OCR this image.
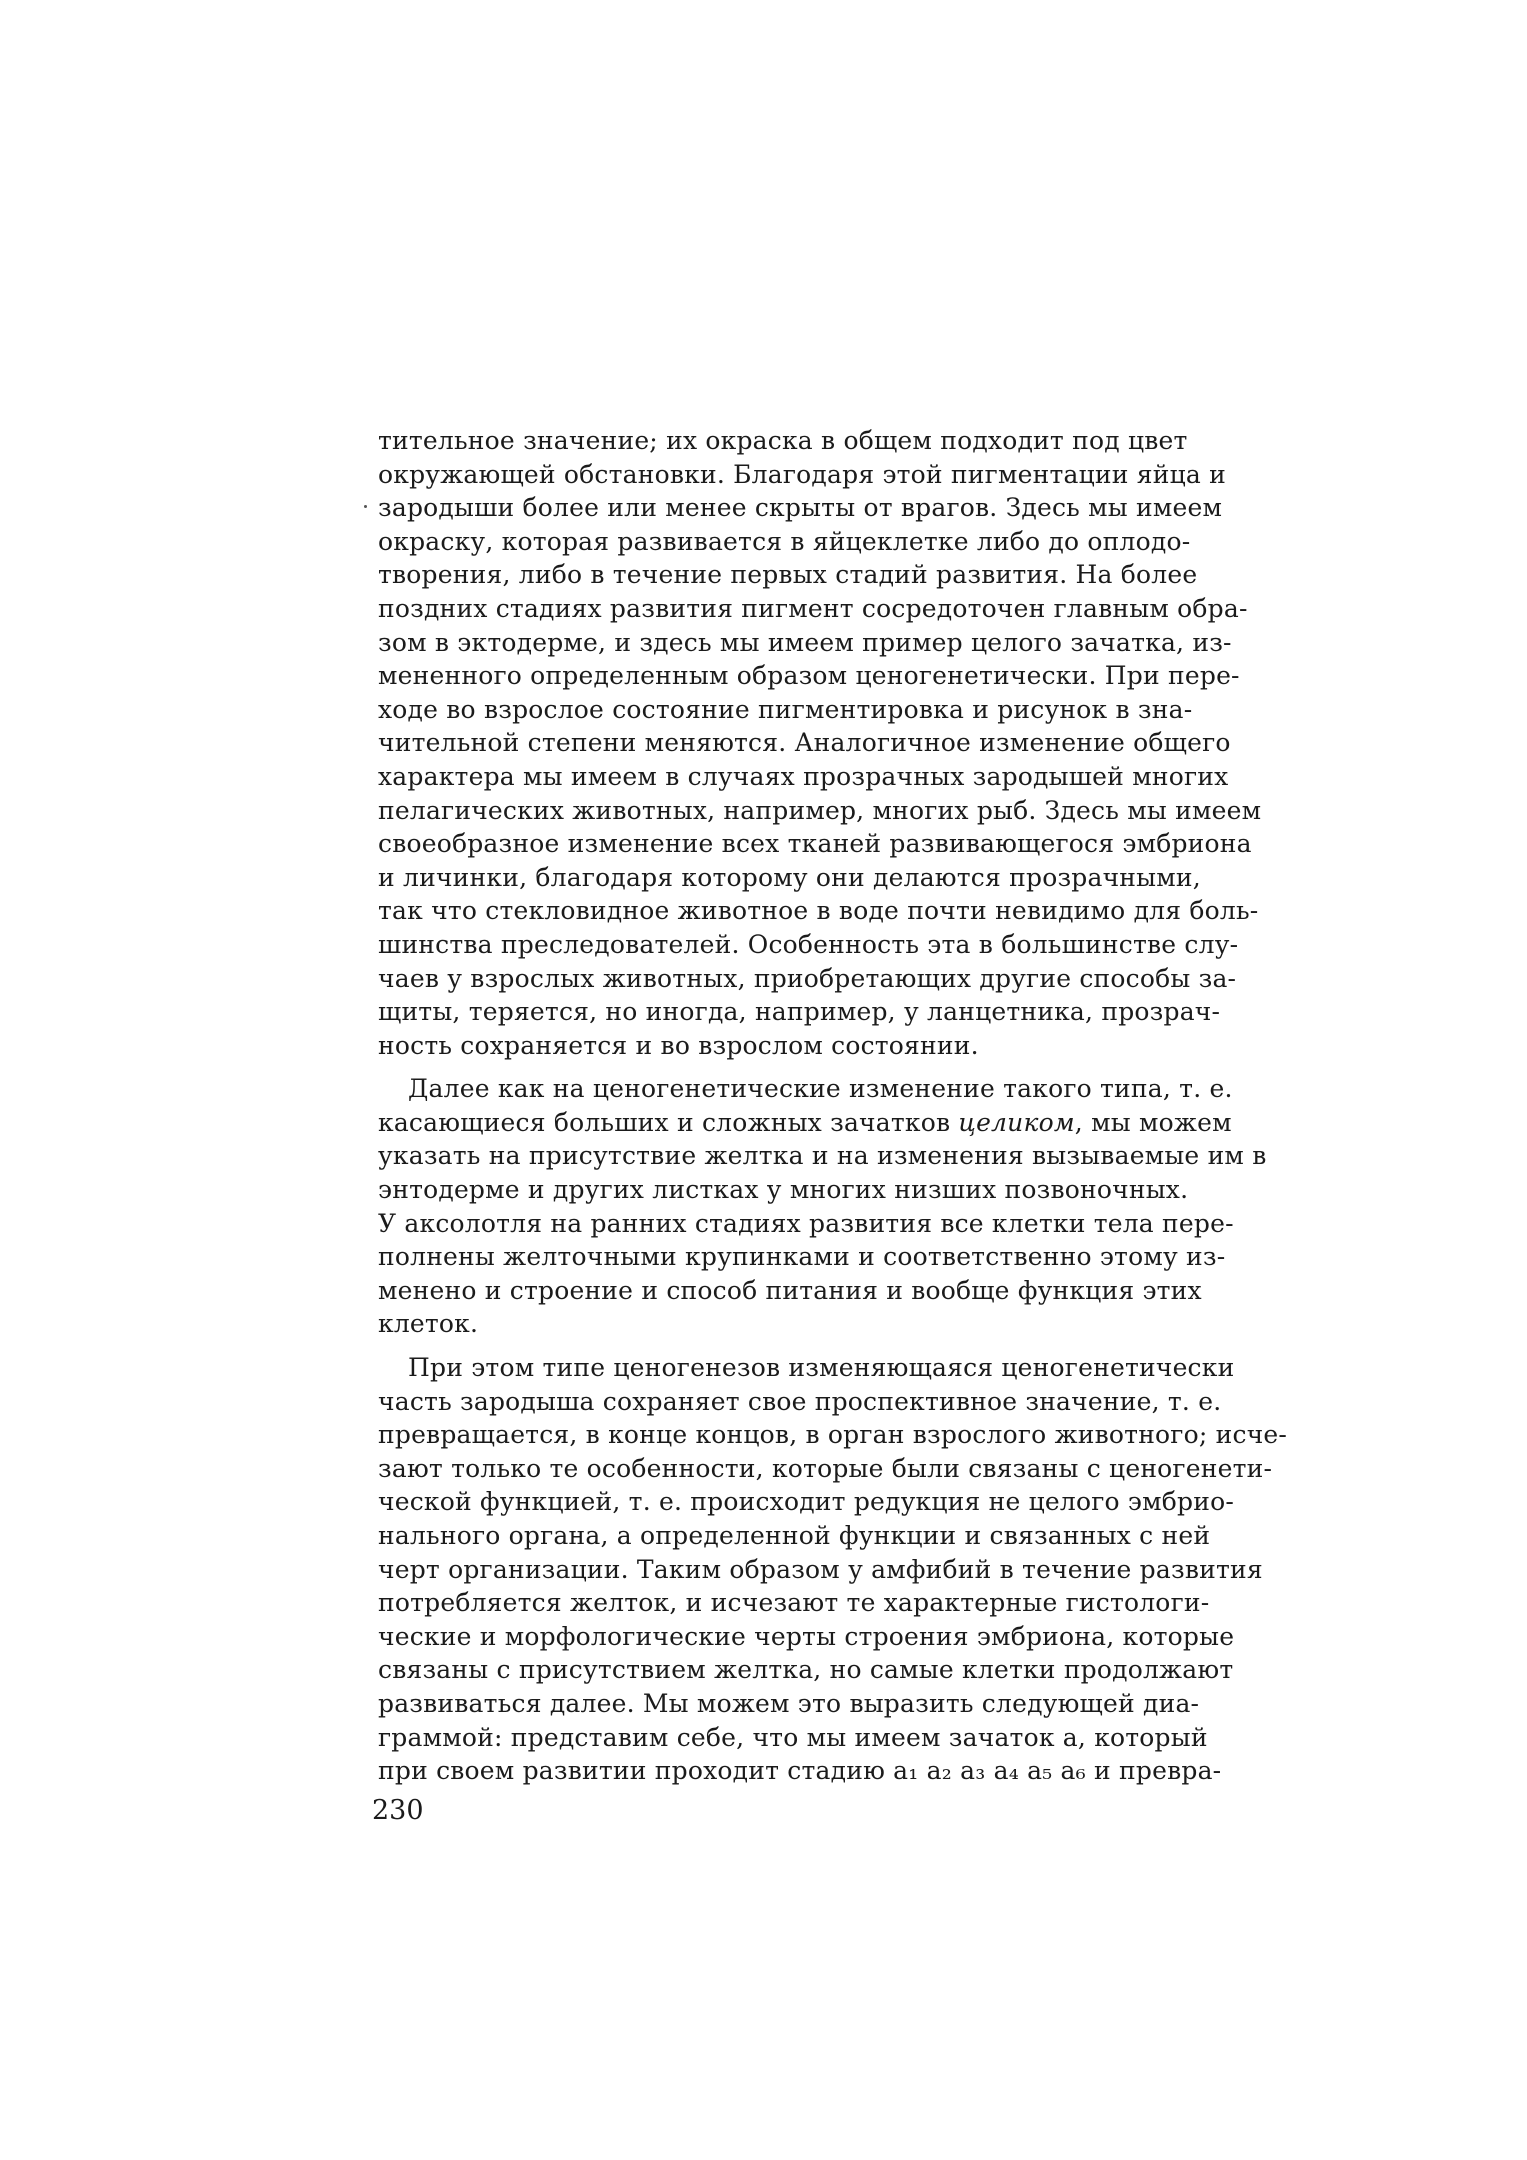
тительное значение; их окраска в общем подходит под цвет
окружающей обстановки. Благодаря этой пигментации яйца и
зародыши более или менее скрыты от врагов. Здесь мы имеем
окраску, которая развивается в яйцеклетке либо до оплодо-
творения, либо в течение первых стадий развития. На более
поздних стадиях развития пигмент сосредоточен главным обра-
зом в эктодерме, и здесь мы имеем пример целого зачатка, из-
мененного определенным образом ценогенетически. При пере-
ходе во взрослое состояние пигментировка и рисунок в зна-
чительной степени меняются. Аналогичное изменение общего
характера мы имеем в случаях прозрачных зародышей многих
пелагических животных, например, многих рыб. Здесь мы имеем
своеобразное изменение всех тканей развивающегося эмбриона
и личинки, благодаря которому они делаются прозрачными,
так что стекловидное животное в воде почти невидимо для боль-
шинства преследователей. Особенность эта в большинстве слу-
чаев у взрослых животных, приобретающих другие способы за-
щиты, теряется, но иногда, например, у ланцетника, прозрач-
ность сохраняется и во взрослом состоянии.
Далее как на ценогенетические изменение такого типа, т. е.
касающиеся больших и сложных зачатков целиком, мы можем
указать на присутствие желтка и на изменения вызываемые им в
энтодерме и других листках у многих низших позвоночных.
У аксолотля на ранних стадиях развития все клетки тела пере-
полнены желточными крупинками и соответственно этому из-
менено и строение и способ питания и вообще функция этих
клеток.
При этом типе ценогенезов изменяющаяся ценогенетически
часть зародыша сохраняет свое проспективное значение, т. е.
превращается, в конце концов, в орган взрослого животного; исче-
зают только те особенности, которые были связаны с ценогенети-
ческой функцией, т. е. происходит редукция не целого эмбрио-
нального органа, а определенной функции и связанных с ней
черт организации. Таким образом у амфибий в течение развития
потребляется желток, и исчезают те характерные гистологи-
ческие и морфологические черты строения эмбриона, которые
связаны с присутствием желтка, но самые клетки продолжают
развиваться далее. Мы можем это выразить следующей диа-
граммой: представим себе, что мы имеем зачаток а, который
при своем развитии проходит стадию а₁ а₂ а₃ а₄ а₅ а₆ и превра-
230
